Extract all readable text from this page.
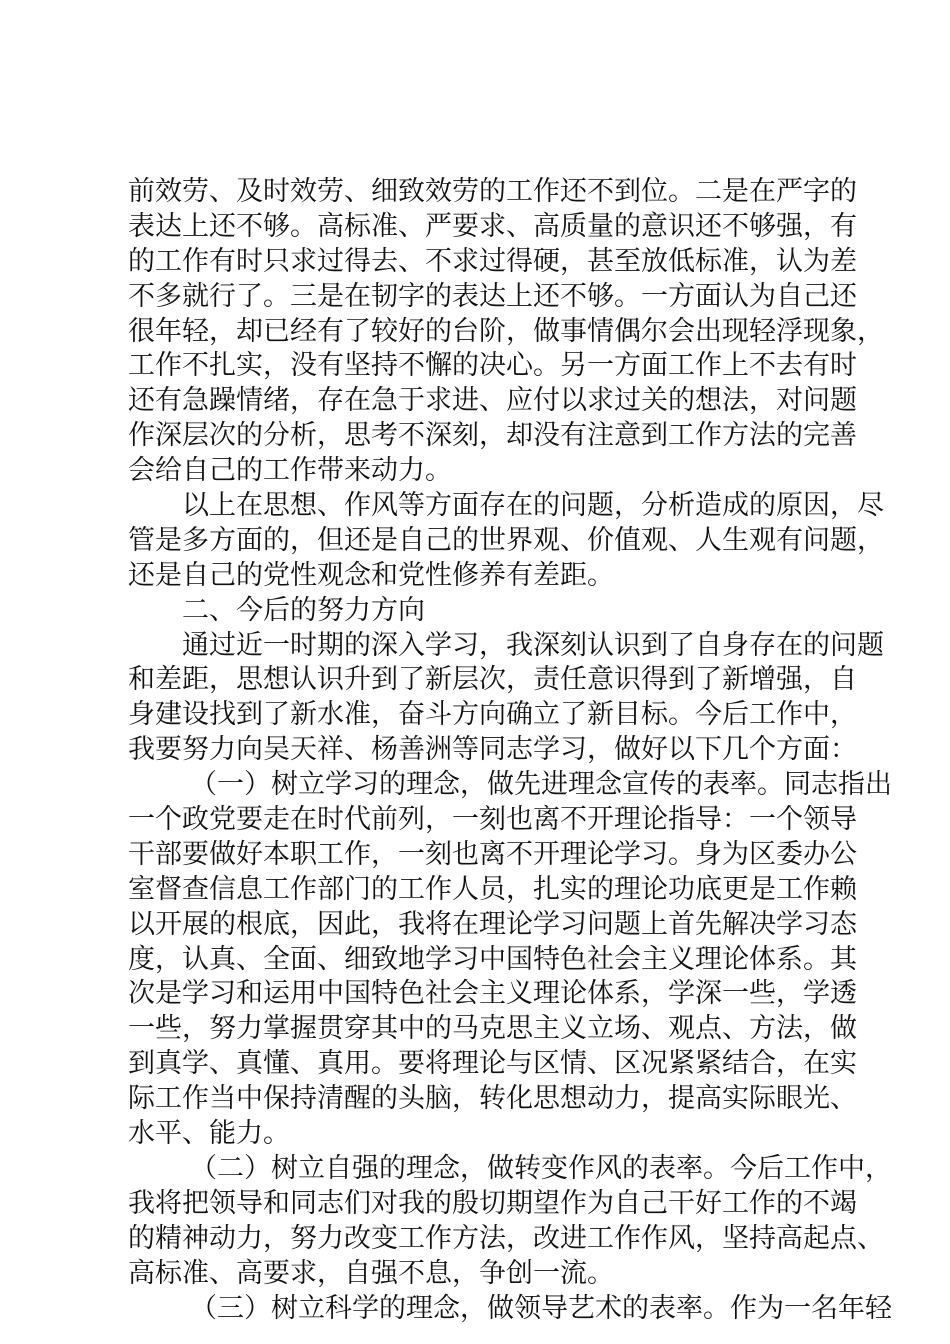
前效劳、及时效劳、细致效劳的工作还不到位。二是在严字的
表达上还不够。高标准、严要求、高质量的意识还不够强，有
的工作有时只求过得去、不求过得硬，甚至放低标准，认为差
不多就行了。三是在韧字的表达上还不够。一方面认为自己还
很年轻，却已经有了较好的台阶，做事情偶尔会出现轻浮现象，
工作不扎实，没有坚持不懈的决心。另一方面工作上不去有时
还有急躁情绪，存在急于求进、应付以求过关的想法，对问题
作深层次的分析，思考不深刻，却没有注意到工作方法的完善
会给自己的工作带来动力。
以上在思想、作风等方面存在的问题，分析造成的原因，尽
管是多方面的，但还是自己的世界观、价值观、人生观有问题，
还是自己的党性观念和党性修养有差距。
二、今后的努力方向
通过近一时期的深入学习，我深刻认识到了自身存在的问题
和差距，思想认识升到了新层次，责任意识得到了新增强，自
身建设找到了新水准，奋斗方向确立了新目标。今后工作中，
我要努力向吴天祥、杨善洲等同志学习，做好以下几个方面：
（一）树立学习的理念，做先进理念宣传的表率。同志指出
一个政党要走在时代前列，一刻也离不开理论指导：一个领导
干部要做好本职工作，一刻也离不开理论学习。身为区委办公
室督查信息工作部门的工作人员，扎实的理论功底更是工作赖
以开展的根底，因此，我将在理论学习问题上首先解决学习态
度，认真、全面、细致地学习中国特色社会主义理论体系。其
次是学习和运用中国特色社会主义理论体系，学深一些，学透
一些，努力掌握贯穿其中的马克思主义立场、观点、方法，做
到真学、真懂、真用。要将理论与区情、区况紧紧结合，在实
际工作当中保持清醒的头脑，转化思想动力，提高实际眼光、
水平、能力。
（二）树立自强的理念，做转变作风的表率。今后工作中，
我将把领导和同志们对我的殷切期望作为自己干好工作的不竭
的精神动力，努力改变工作方法，改进工作作风，坚持高起点、
高标准、高要求，自强不息，争创一流。
（三）树立科学的理念，做领导艺术的表率。作为一名年轻
